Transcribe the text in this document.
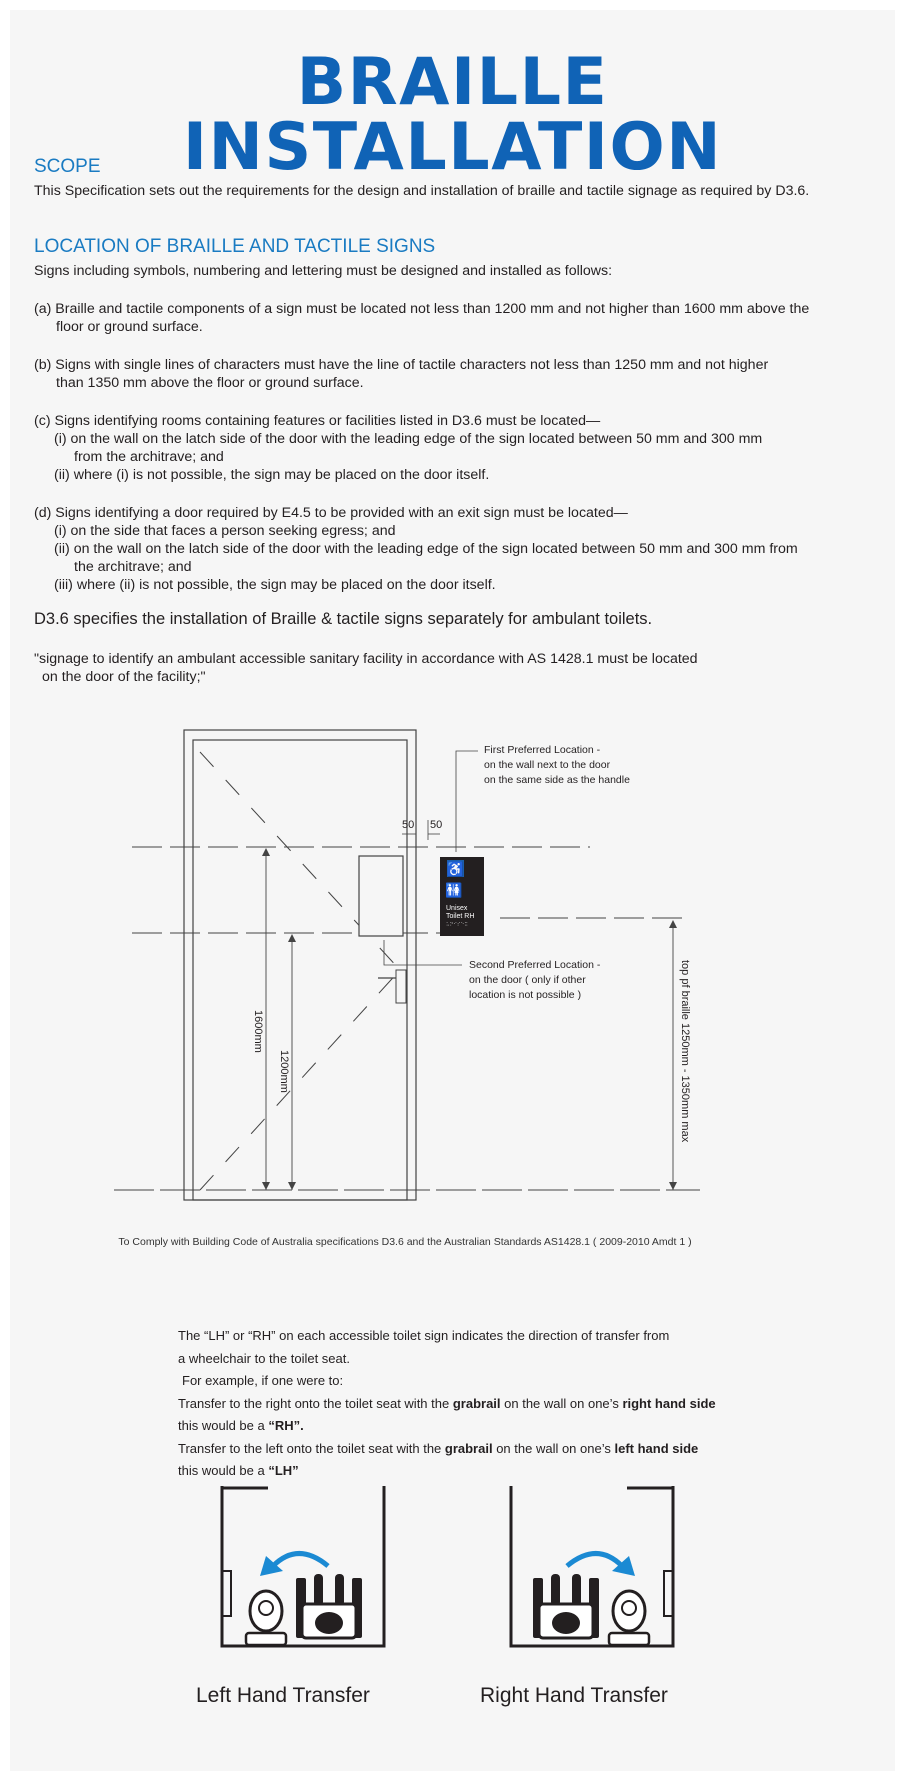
BRAILLE INSTALLATION
SCOPE

This Specification sets out the requirements for the design and installation of braille and tactile signage as required by D3.6.

LOCATION OF BRAILLE AND TACTILE SIGNS

Signs including symbols, numbering and lettering must be designed and installed as follows:

(a) Braille and tactile components of a sign must be located not less than 1200 mm and not higher than 1600 mm above the

floor or ground surface.

(b) Signs with single lines of characters must have the line of tactile characters not less than 1250 mm and not higher

than 1350 mm above the floor or ground surface.

(c) Signs identifying rooms containing features or facilities listed in D3.6 must be located—

(i) on the wall on the latch side of the door with the leading edge of the sign located between 50 mm and 300 mm

from the architrave; and

(ii) where (i) is not possible, the sign may be placed on the door itself.

(d) Signs identifying a door required by E4.5 to be provided with an exit sign must be located—

(i) on the side that faces a person seeking egress; and

(ii) on the wall on the latch side of the door with the leading edge of the sign located between 50 mm and 300 mm from

the architrave; and

(iii) where (ii) is not possible, the sign may be placed on the door itself.

D3.6 specifies the installation of Braille & tactile signs separately for ambulant toilets.

"signage to identify an ambulant accessible sanitary facility in accordance with AS 1428.1 must be located

on the door of the facility;"

♿
🚻
Unisex
Toilet RH
⠥⠝⠊⠎⠑⠭
50 50
First Preferred Location -
on the wall next to the door
on the same side as the handle
Second Preferred Location -
on the door ( only if other
location is not possible )
1600mm
1200mm	top pf braille 1250mm - 1350mm max
To Comply with Building Code of Australia specifications D3.6 and the Australian Standards AS1428.1 ( 2009-2010 Amdt 1 )
The “LH” or “RH” on each accessible toilet sign indicates the direction of transfer from
a wheelchair to the toilet seat.
For example, if one were to:
Transfer to the right onto the toilet seat with the grabrail on the wall on one’s right hand side
this would be a “RH”.
Transfer to the left onto the toilet seat with the grabrail on the wall on one’s left hand side
this would be a “LH”
Left Hand Transfer	Right Hand Transfer
